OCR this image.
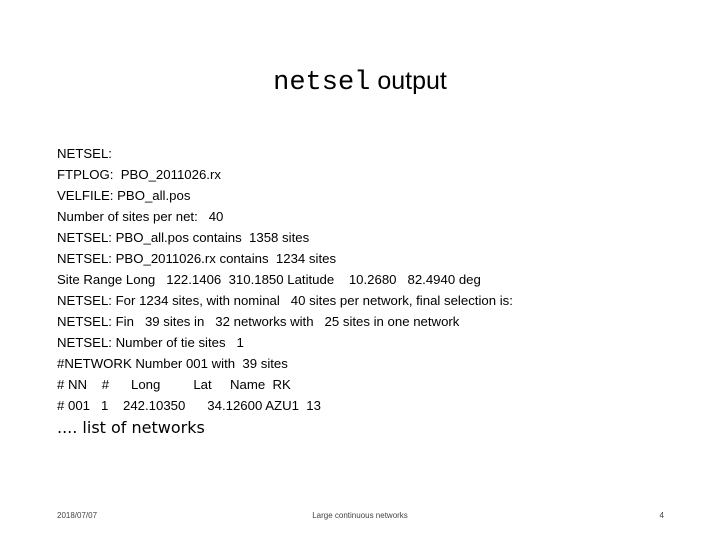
netsel output
NETSEL:
FTPLOG:  PBO_2011026.rx
VELFILE: PBO_all.pos
Number of sites per net:   40
NETSEL: PBO_all.pos contains  1358 sites
NETSEL: PBO_2011026.rx contains  1234 sites
Site Range Long   122.1406  310.1850 Latitude    10.2680   82.4940 deg
NETSEL: For 1234 sites, with nominal   40 sites per network, final selection is:
NETSEL: Fin   39 sites in   32 networks with   25 sites in one network
NETSEL: Number of tie sites   1
#NETWORK Number 001 with  39 sites
# NN    #      Long         Lat     Name  RK
# 001   1    242.10350      34.12600 AZU1  13
.... list of networks
2018/07/07	Large continuous networks	4
